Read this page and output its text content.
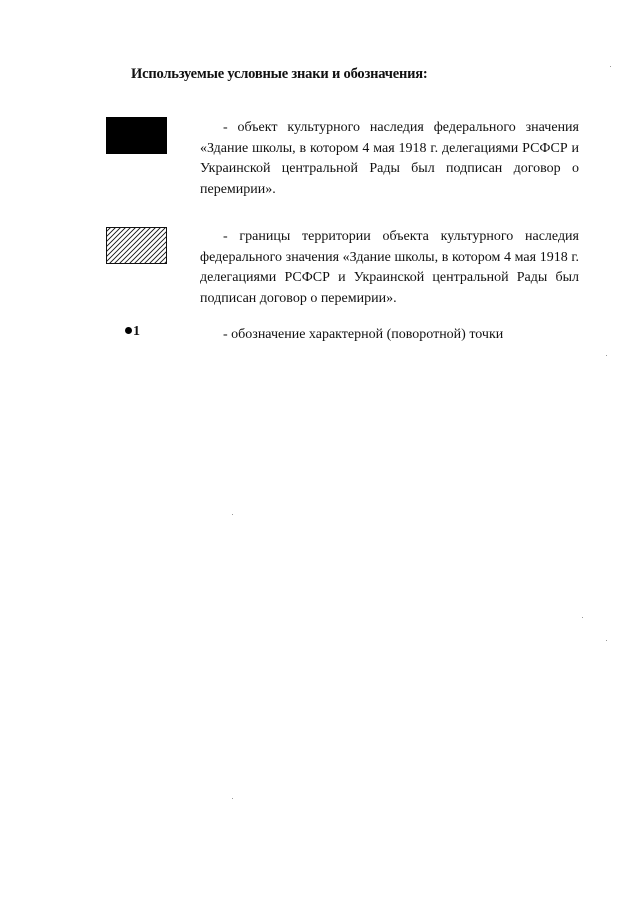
Используемые условные знаки и обозначения:

- объект культурного наследия федерального значения «Здание школы, в котором 4 мая 1918 г. делегациями РСФСР и Украинской центральной Рады был подписан договор о перемирии».

- границы территории объекта культурного наследия федерального значения «Здание школы, в котором 4 мая 1918 г. делегациями РСФСР и Украинской центральной Рады был подписан договор о перемирии».

1	- обозначение характерной (поворотной) точки
